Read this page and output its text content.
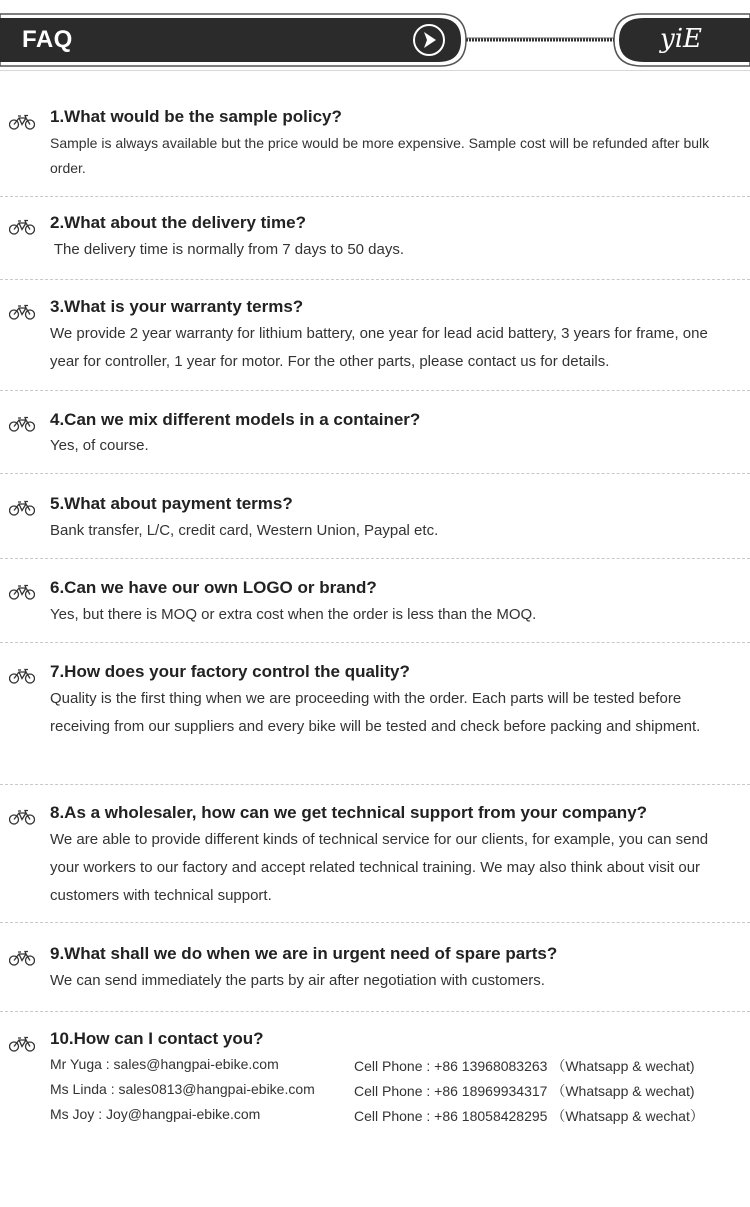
FAQ	yiE
1.What would be the sample policy?
Sample is always available but the price would be more expensive. Sample cost will be refunded after bulk order.
2.What about the delivery time?
The delivery time is normally from 7 days to 50 days.
3.What is your warranty terms?
We provide 2 year warranty for lithium battery, one year for lead acid battery, 3 years for frame, one year for controller, 1 year for motor. For the other parts, please contact us for details.
4.Can we mix different models in a container?
Yes, of course.
5.What about payment terms?
Bank transfer, L/C, credit card, Western Union, Paypal etc.
6.Can we have our own LOGO or brand?
Yes, but there is MOQ or extra cost when the order is less than the MOQ.
7.How does your factory control the quality?
Quality is the first thing when we are proceeding with the order. Each parts will be tested before receiving from our suppliers and every bike will be tested and check before packing and shipment.
8.As a wholesaler, how can we get technical support from your company?
We are able to provide different kinds of technical service for our clients, for example, you can send your workers to our factory and accept related technical training. We may also think about visit our customers with technical support.
9.What shall we do when we are in urgent need of spare parts?
We can send immediately the parts by air after negotiation with customers.
10.How can I contact you?
Mr Yuga : sales@hangpai-ebike.com	Cell Phone : +86 13968083263 （Whatsapp & wechat)
Ms Linda : sales0813@hangpai-ebike.com	Cell Phone : +86 18969934317 （Whatsapp & wechat)
Ms Joy : Joy@hangpai-ebike.com	Cell Phone : +86 18058428295 （Whatsapp & wechat）
